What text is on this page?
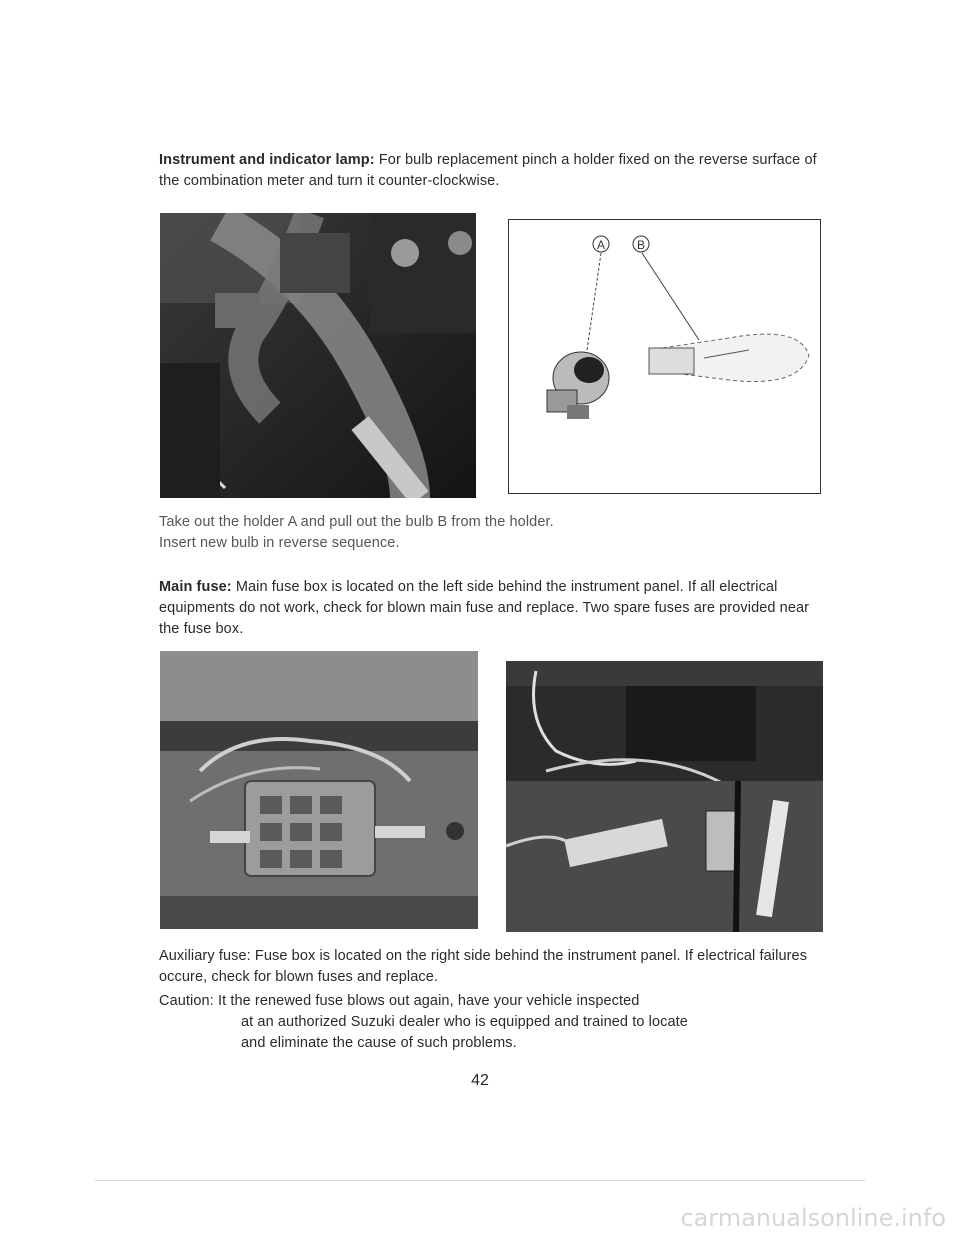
Instrument and indicator lamp: For bulb replacement pinch a holder fixed on the reverse surface of the combination meter and turn it counter-clockwise.
A	B
Take out the holder A and pull out the bulb B from the holder.
Insert new bulb in reverse sequence.
Main fuse: Main fuse box is located on the left side behind the instrument panel. If all electrical equipments do not work, check for blown main fuse and replace. Two spare fuses are provided near the fuse box.
Auxiliary fuse: Fuse box is located on the right side behind the instrument panel. If electrical failures occure, check for blown fuses and replace.
Caution: It the renewed fuse blows out again, have your vehicle inspected
at an authorized Suzuki dealer who is equipped and trained to locate
and eliminate the cause of such problems.
42
carmanualsonline.info
